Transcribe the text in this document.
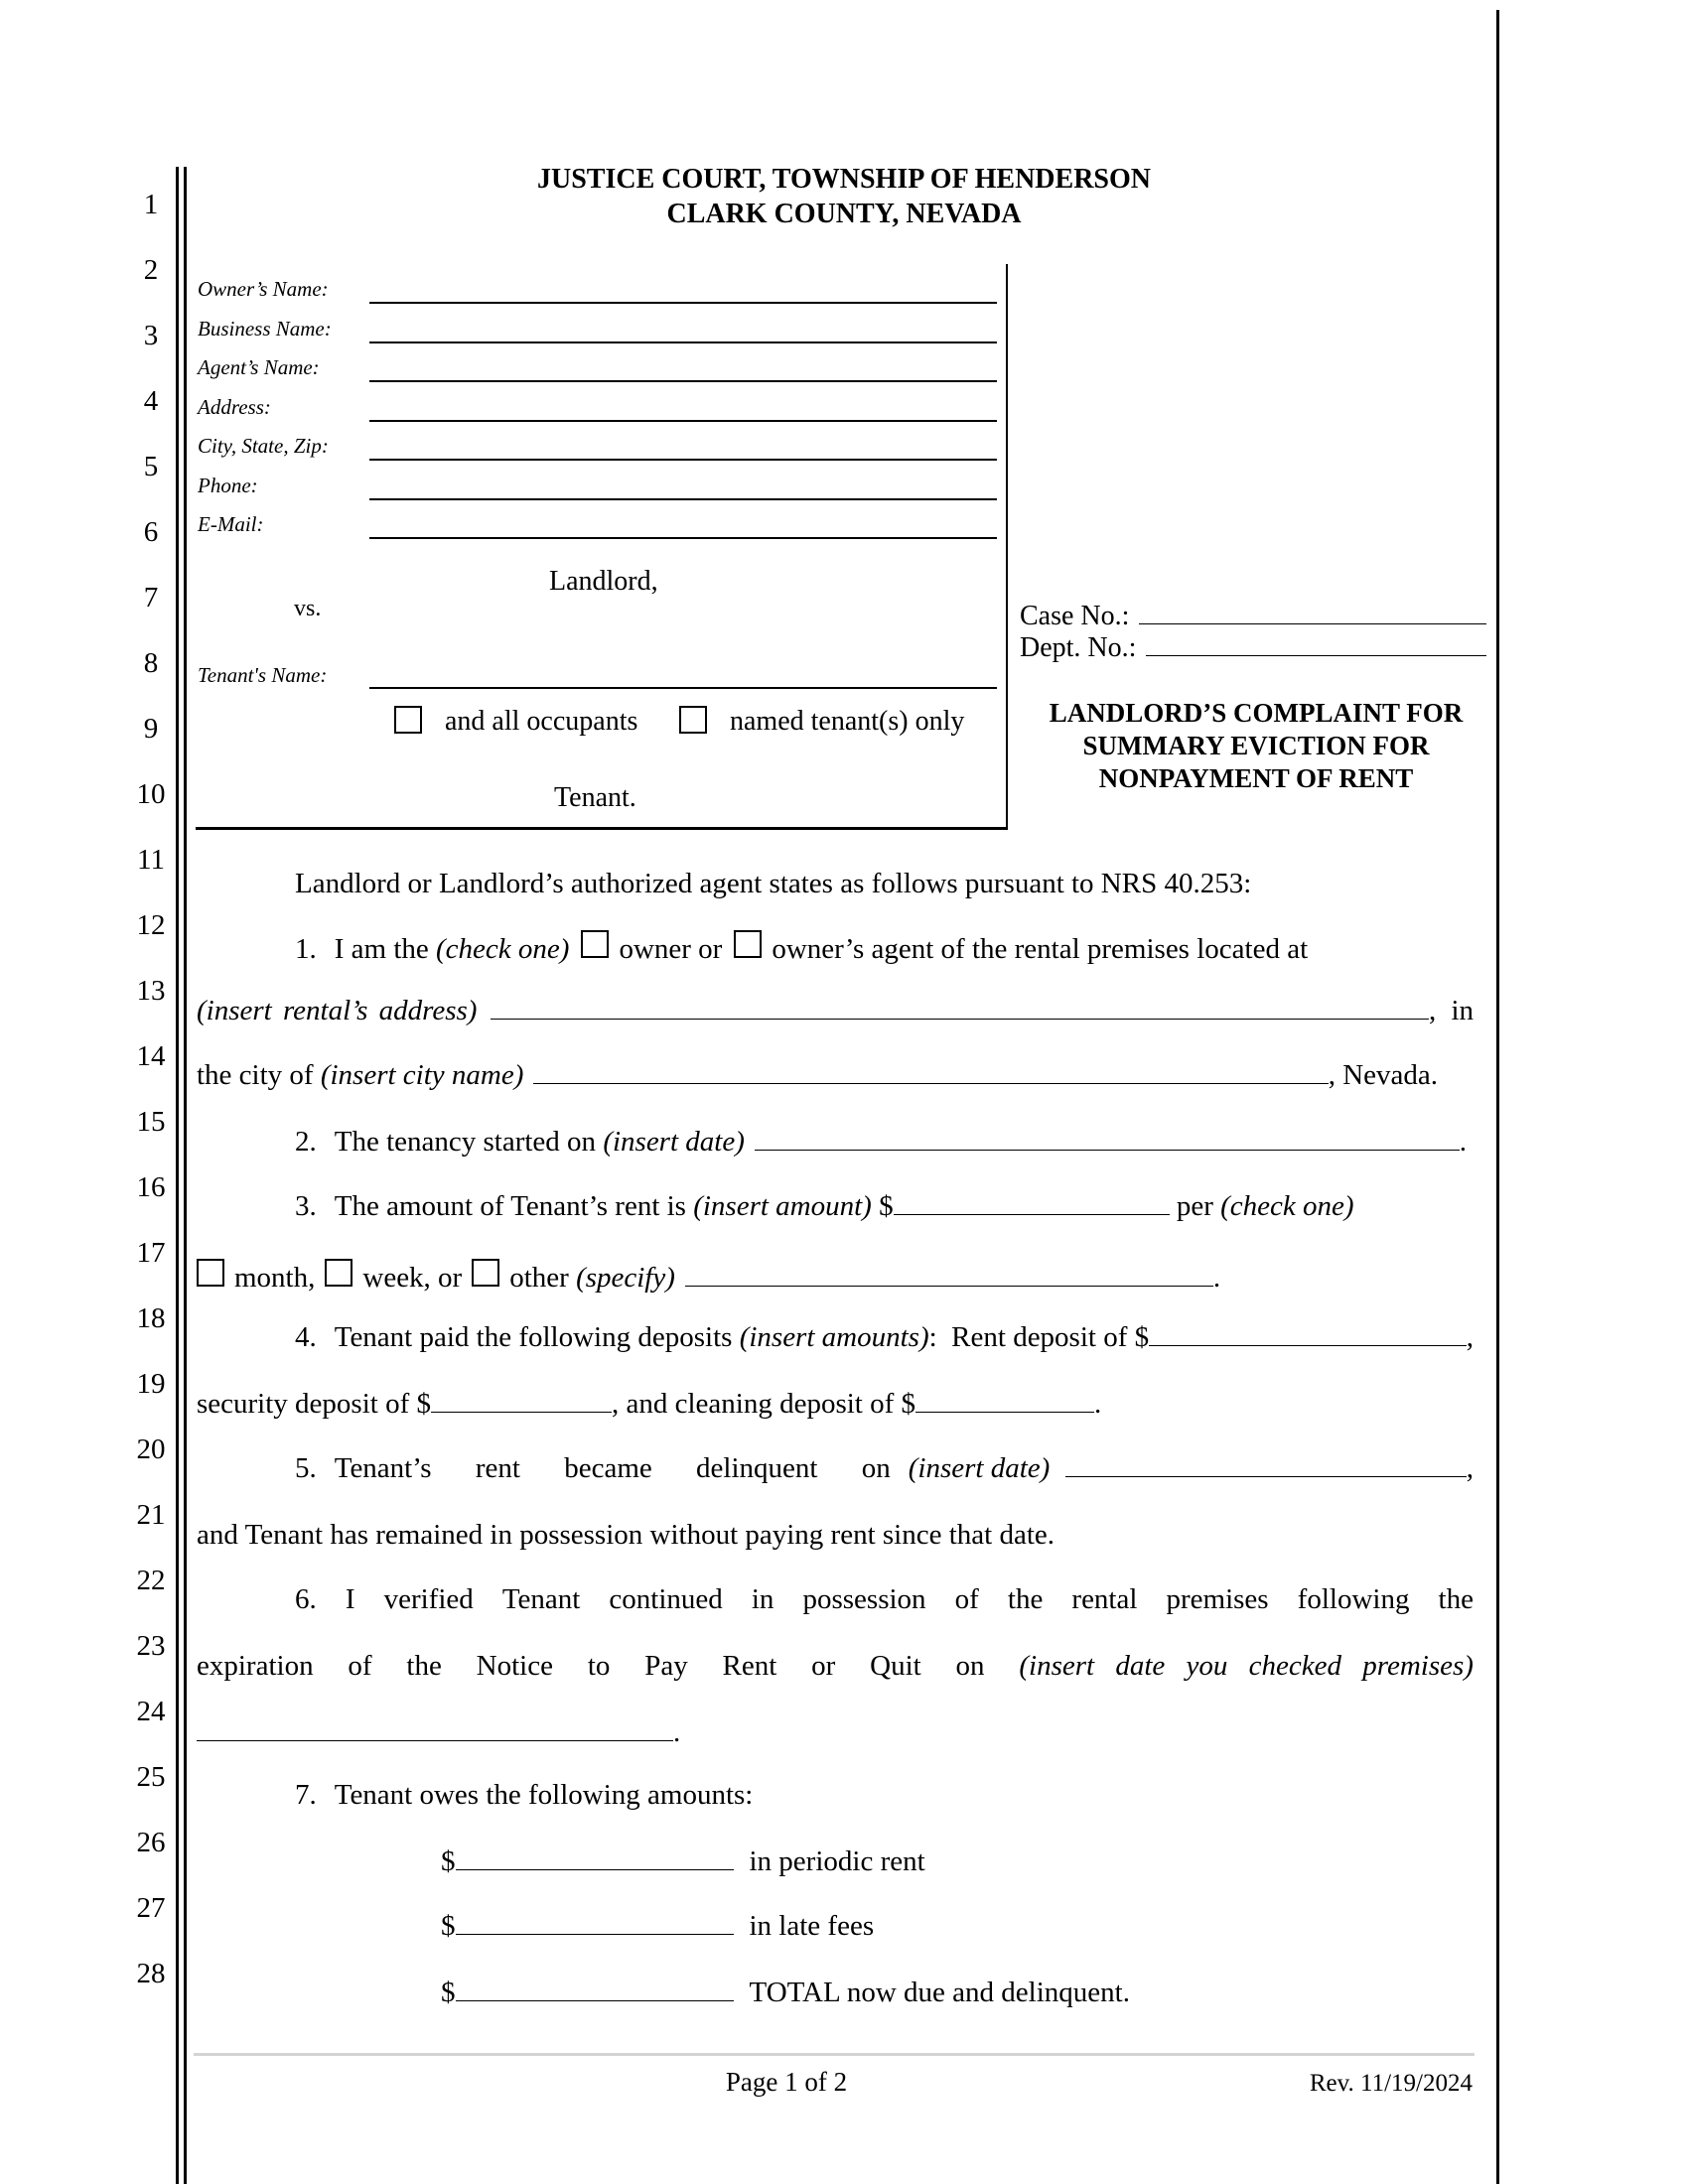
1
2
3
4
5
6
7
8
9
10
11
12
13
14
15
16
17
18
19
20
21
22
23
24
25
26
27
28
JUSTICE COURT, TOWNSHIP OF HENDERSON
CLARK COUNTY, NEVADA
Owner’s Name:
Business Name:
Agent’s Name:
Address:
City, State, Zip:
Phone:
E-Mail:
Landlord,
vs.
Tenant's Name:
and all occupants	named tenant(s) only
Tenant.
Case No.:
Dept. No.:
LANDLORD’S COMPLAINT FOR
SUMMARY EVICTION FOR
NONPAYMENT OF RENT
Landlord or Landlord’s authorized agent states as follows pursuant to NRS 40.253:
1. I am the (check one) owner or owner’s agent of the rental premises located at
(insert rental’s address)	, in
the city of (insert city name)	, Nevada.
2. The tenancy started on (insert date)	.
3. The amount of Tenant’s rent is (insert amount) $	per (check one)
month, week, or other (specify)	.
4. Tenant paid the following deposits (insert amounts) :  Rent deposit of $	,
security deposit of $	, and cleaning deposit of $	.
5. Tenant’s rent became delinquent on (insert date)	,
and Tenant has remained in possession without paying rent since that date.
6. I verified Tenant continued in possession of the rental premises following the
expiration of the Notice to Pay Rent or Quit on (insert date you checked premises)
.
7. Tenant owes the following amounts:
$	in periodic rent
$	in late fees
$	TOTAL now due and delinquent.
Page 1 of 2	Rev. 11/19/2024
